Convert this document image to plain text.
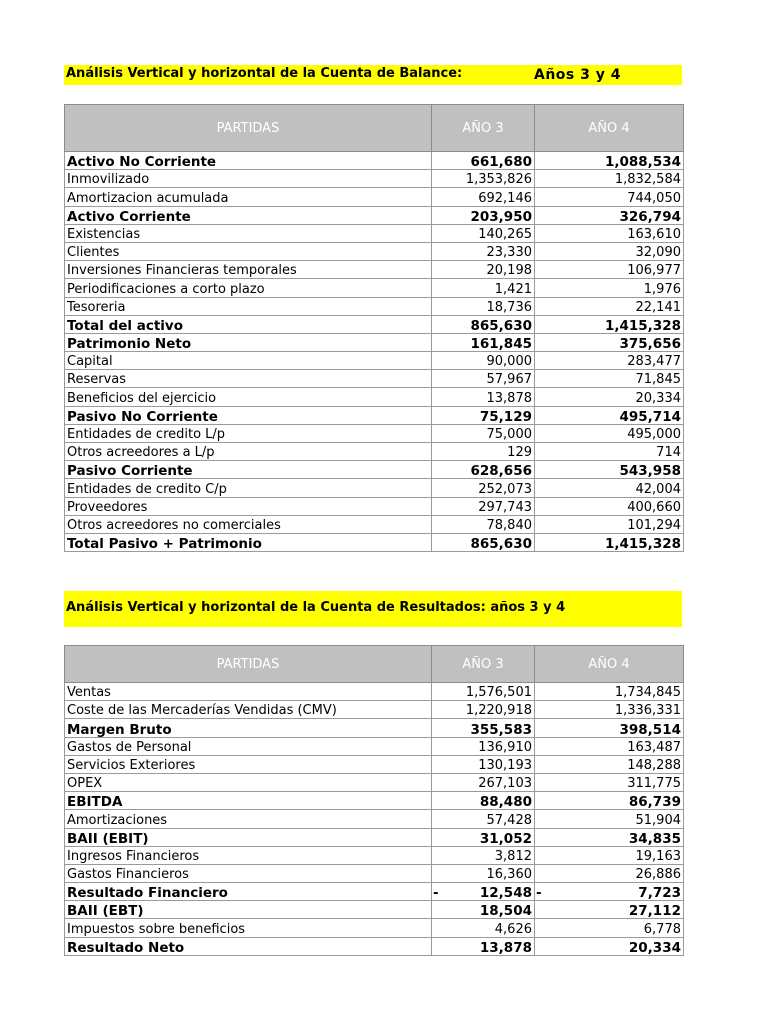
Análisis Vertical y horizontal de la Cuenta de Balance:	Años 3 y 4
PARTIDAS	AÑO 3	AÑO 4
Activo No Corriente	661,680	1,088,534
Inmovilizado	1,353,826	1,832,584
Amortizacion acumulada	692,146	744,050
Activo Corriente	203,950	326,794
Existencias	140,265	163,610
Clientes	23,330	32,090
Inversiones Financieras temporales	20,198	106,977
Periodificaciones a corto plazo	1,421	1,976
Tesoreria	18,736	22,141
Total del activo	865,630	1,415,328
Patrimonio Neto	161,845	375,656
Capital	90,000	283,477
Reservas	57,967	71,845
Beneficios del ejercicio	13,878	20,334
Pasivo No Corriente	75,129	495,714
Entidades de credito L/p	75,000	495,000
Otros acreedores a L/p	129	714
Pasivo Corriente	628,656	543,958
Entidades de credito C/p	252,073	42,004
Proveedores	297,743	400,660
Otros acreedores no comerciales	78,840	101,294
Total Pasivo + Patrimonio	865,630	1,415,328
Análisis Vertical y horizontal de la Cuenta de Resultados: años 3 y 4
PARTIDAS	AÑO 3	AÑO 4
Ventas	1,576,501	1,734,845
Coste de las Mercaderías Vendidas (CMV)	1,220,918	1,336,331
Margen Bruto	355,583	398,514
Gastos de Personal	136,910	163,487
Servicios Exteriores	130,193	148,288
OPEX	267,103	311,775
EBITDA	88,480	86,739
Amortizaciones	57,428	51,904
BAII (EBIT)	31,052	34,835
Ingresos Financieros	3,812	19,163
Gastos Financieros	16,360	26,886
Resultado Financiero	- 12,548	- 7,723
BAII (EBT)	18,504	27,112
Impuestos sobre beneficios	4,626	6,778
Resultado Neto	13,878	20,334
